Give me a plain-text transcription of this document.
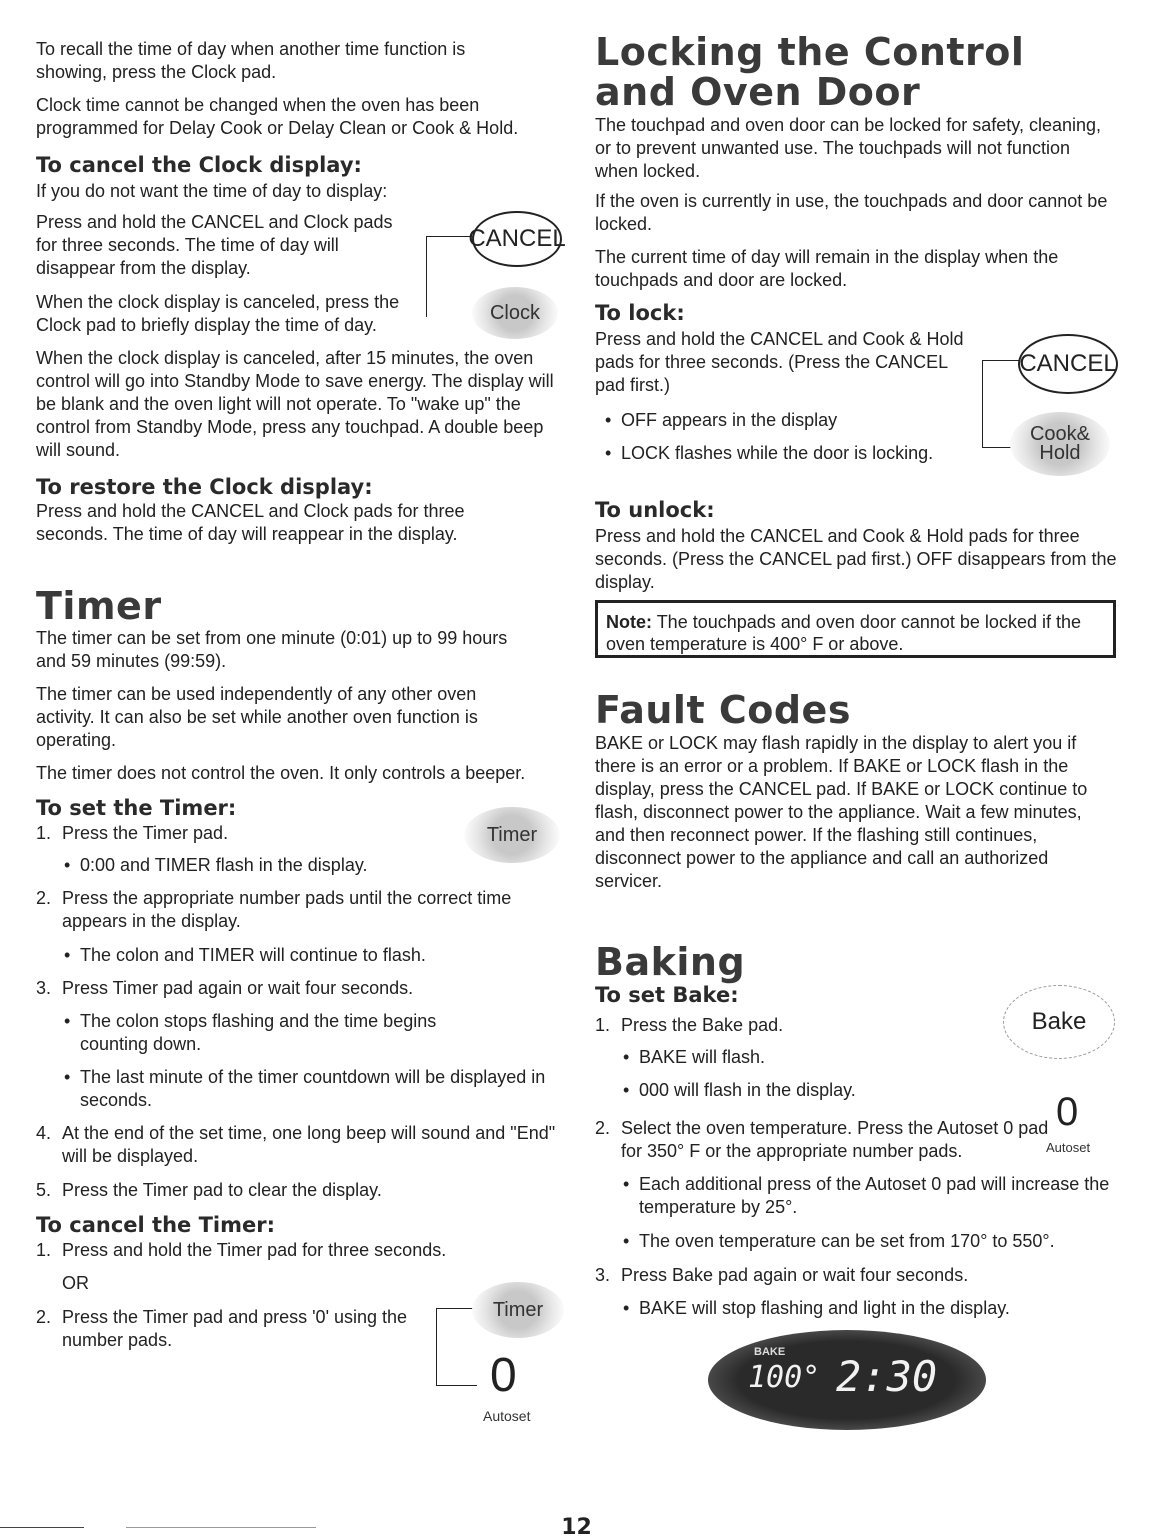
To recall the time of day when another time function is showing, press the Clock pad.

Clock time cannot be changed when the oven has been programmed for Delay Cook or Delay Clean or Cook & Hold.

To cancel the Clock display:

If you do not want the time of day to display:

Press and hold the CANCEL and Clock pads for three seconds. The time of day will disappear from the display.

When the clock display is canceled, press the Clock pad to briefly display the time of day.

When the clock display is canceled, after 15 minutes, the oven control will go into Standby Mode to save energy. The display will be blank and the oven light will not operate. To "wake up" the control from Standby Mode, press any touchpad. A double beep will sound.

To restore the Clock display:

Press and hold the CANCEL and Clock pads for three seconds. The time of day will reappear in the display.

Timer

The timer can be set from one minute (0:01) up to 99 hours and 59 minutes (99:59).

The timer can be used independently of any other oven activity. It can also be set while another oven function is operating.

The timer does not control the oven. It only controls a beeper.

To set the Timer:

1. Press the Timer pad.

• 0:00 and TIMER flash in the display.

2. Press the appropriate number pads until the correct time appears in the display.

• The colon and TIMER will continue to flash.

3. Press Timer pad again or wait four seconds.

• The colon stops flashing and the time begins counting down.

• The last minute of the timer countdown will be displayed in seconds.

4. At the end of the set time, one long beep will sound and "End" will be displayed.

5. Press the Timer pad to clear the display.

To cancel the Timer:

1. Press and hold the Timer pad for three seconds.

OR

2. Press the Timer pad and press '0' using the number pads.

CANCEL
Clock
Timer
Timer
0
Autoset
Locking the Control
and Oven Door

The touchpad and oven door can be locked for safety, cleaning, or to prevent unwanted use. The touchpads will not function when locked.

If the oven is currently in use, the touchpads and door cannot be locked.

The current time of day will remain in the display when the touchpads and door are locked.

To lock:

Press and hold the CANCEL and Cook & Hold pads for three seconds. (Press the CANCEL pad first.)

• OFF appears in the display

• LOCK flashes while the door is locking.

To unlock:

Press and hold the CANCEL and Cook & Hold pads for three seconds. (Press the CANCEL pad first.) OFF disappears from the display.

Fault Codes

BAKE or LOCK may flash rapidly in the display to alert you if there is an error or a problem. If BAKE or LOCK flash in the display, press the CANCEL pad. If BAKE or LOCK continue to flash, disconnect power to the appliance. Wait a few minutes, and then reconnect power. If the flashing still continues, disconnect power to the appliance and call an authorized servicer.

Baking
To set Bake:

1. Press the Bake pad.

• BAKE will flash.

• 000 will flash in the display.

2. Select the oven temperature. Press the Autoset 0 pad for 350° F or the appropriate number pads.

• Each additional press of the Autoset 0 pad will increase the temperature by 25°.

• The oven temperature can be set from 170° to 550°.

3. Press Bake pad again or wait four seconds.

• BAKE will stop flashing and light in the display.

Note: The touchpads and oven door cannot be locked if the oven temperature is 400° F or above.

CANCEL
Cook& Hold
Bake
0
Autoset
BAKE
100° 2:30
12
